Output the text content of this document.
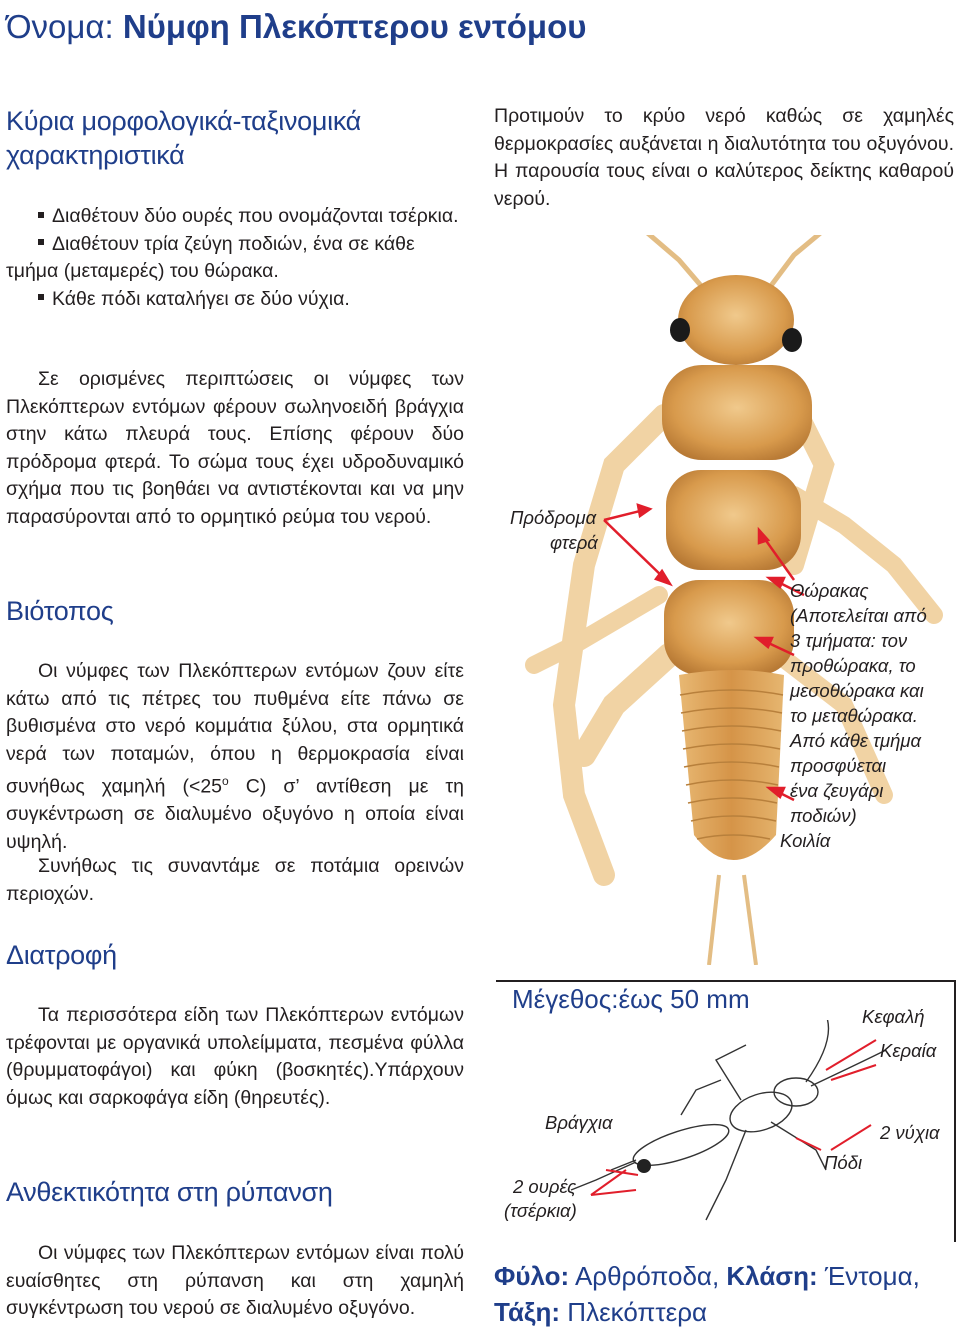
Όνομα: Νύμφη Πλεκόπτερου εντόμου
Κύρια μορφολογικά-ταξινομικά χαρακτηριστικά
Διαθέτουν δύο ουρές που ονομάζονται τσέρκια.
Διαθέτουν τρία ζεύγη ποδιών, ένα σε κάθε τμήμα (μεταμερές) του θώρακα.
Κάθε πόδι καταλήγει σε δύο νύχια.
Σε ορισμένες περιπτώσεις οι νύμφες των Πλεκόπτερων εντόμων φέρουν σωληνοειδή βράγχια στην κάτω πλευρά τους. Επίσης φέρουν δύο πρόδρομα φτερά. Το σώμα τους έχει υδροδυναμικό σχήμα που τις βοηθάει να αντιστέκονται και να μην παρασύρονται από το ορμητικό ρεύμα του νερού.
Βιότοπος
Οι νύμφες των Πλεκόπτερων εντόμων ζουν είτε κάτω από τις πέτρες του πυθμένα είτε πάνω σε βυθισμένα στο νερό κομμάτια ξύλου, στα ορμητικά νερά των ποταμών, όπου η θερμοκρασία είναι συνήθως χαμηλή ($<25^o$ C) σ’ αντίθεση με τη συγκέντρωση σε διαλυμένο οξυγόνο η οποία είναι υψηλή.
Συνήθως τις συναντάμε σε ποτάμια ορεινών περιοχών.
Διατροφή
Τα περισσότερα είδη των Πλεκόπτερων εντόμων τρέφονται με οργανικά υπολείμματα, πεσμένα φύλλα (θρυμματοφάγοι) και φύκη (βοσκητές).Υπάρχουν όμως και σαρκοφάγα είδη (θηρευτές).
Ανθεκτικότητα στη ρύπανση
Οι νύμφες των Πλεκόπτερων εντόμων είναι πολύ ευαίσθητες στη ρύπανση και στη χαμηλή συγκέντρωση του νερού σε διαλυμένο οξυγόνο.
Προτιμούν το κρύο νερό καθώς σε χαμηλές θερμοκρασίες αυξάνεται η διαλυτότητα του οξυγόνου. Η παρουσία τους είναι ο καλύτερος δείκτης καθαρού νερού.
Πρόδρομα
φτερά
Θώρακας
(Αποτελείται από
3 τμήματα: τον
προθώρακα, το
μεσοθώρακα και
το μεταθώρακα.
Από κάθε τμήμα
προσφύεται
ένα ζευγάρι
ποδιών)
Κοιλία
Μέγεθος:έως 50 mm
Κεφαλή
Κεραία
2 νύχια
Πόδι
Βράγχια
2 ουρές
(τσέρκια)
Φύλο: Αρθρόποδα, Κλάση: Έντομα,
Τάξη: Πλεκόπτερα
